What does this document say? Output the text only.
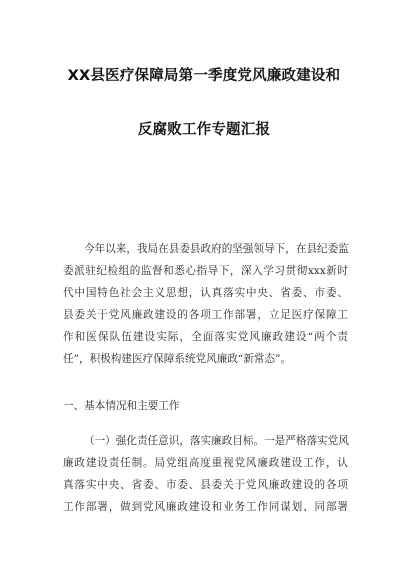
XX县医疗保障局第一季度党风廉政建设和
反腐败工作专题汇报
今年以来，我局在县委县政府的坚强领导下，在县纪委监
委派驻纪检组的监督和悉心指导下，深入学习贯彻xxx新时
代中国特色社会主义思想，认真落实中央、省委、市委、
县委关于党风廉政建设的各项工作部署，立足医疗保障工
作和医保队伍建设实际，全面落实党风廉政建设“两个责
任”，积极构建医疗保障系统党风廉政“新常态”。
一、基本情况和主要工作
（一）强化责任意识，落实廉政目标。一是严格落实党风
廉政建设责任制。局党组高度重视党风廉政建设工作，认
真落实中央、省委、市委、县委关于党风廉政建设的各项
工作部署，做到党风廉政建设和业务工作同谋划、同部署
